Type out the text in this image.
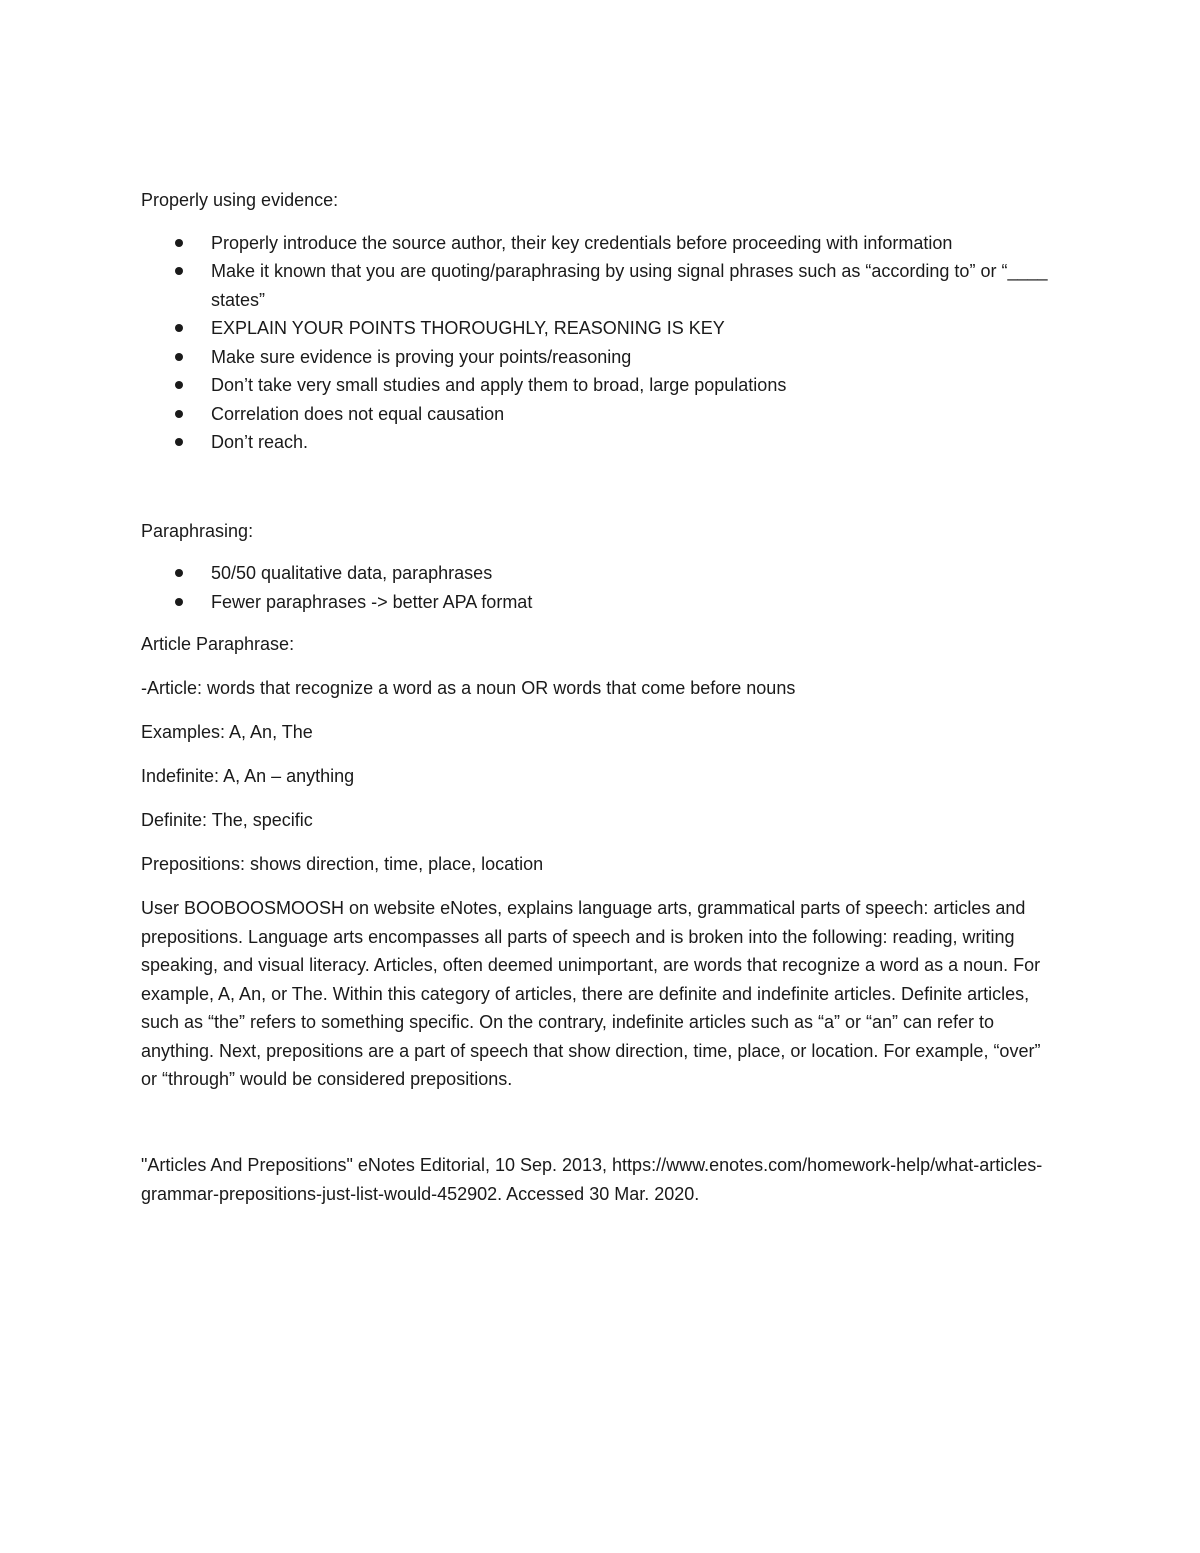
Properly using evidence:

Properly introduce the source author, their key credentials before proceeding with information
Make it known that you are quoting/paraphrasing by using signal phrases such as “according to” or “____ states”
EXPLAIN YOUR POINTS THOROUGHLY, REASONING IS KEY
Make sure evidence is proving your points/reasoning
Don’t take very small studies and apply them to broad, large populations
Correlation does not equal causation
Don’t reach.

Paraphrasing:

50/50 qualitative data, paraphrases
Fewer paraphrases -> better APA format

Article Paraphrase:

-Article: words that recognize a word as a noun OR words that come before nouns

Examples: A, An, The

Indefinite: A, An – anything

Definite: The, specific

Prepositions: shows direction, time, place, location

User BOOBOOSMOOSH on website eNotes, explains language arts, grammatical parts of speech: articles and prepositions. Language arts encompasses all parts of speech and is broken into the following: reading, writing speaking, and visual literacy. Articles, often deemed unimportant, are words that recognize a word as a noun. For example, A, An, or The. Within this category of articles, there are definite and indefinite articles. Definite articles, such as “the” refers to something specific. On the contrary, indefinite articles such as “a” or “an” can refer to anything. Next, prepositions are a part of speech that show direction, time, place, or location. For example, “over” or “through” would be considered prepositions.

"Articles And Prepositions" eNotes Editorial, 10 Sep. 2013, https://www.enotes.com/homework-help/what-articles-grammar-prepositions-just-list-would-452902. Accessed 30 Mar. 2020.
